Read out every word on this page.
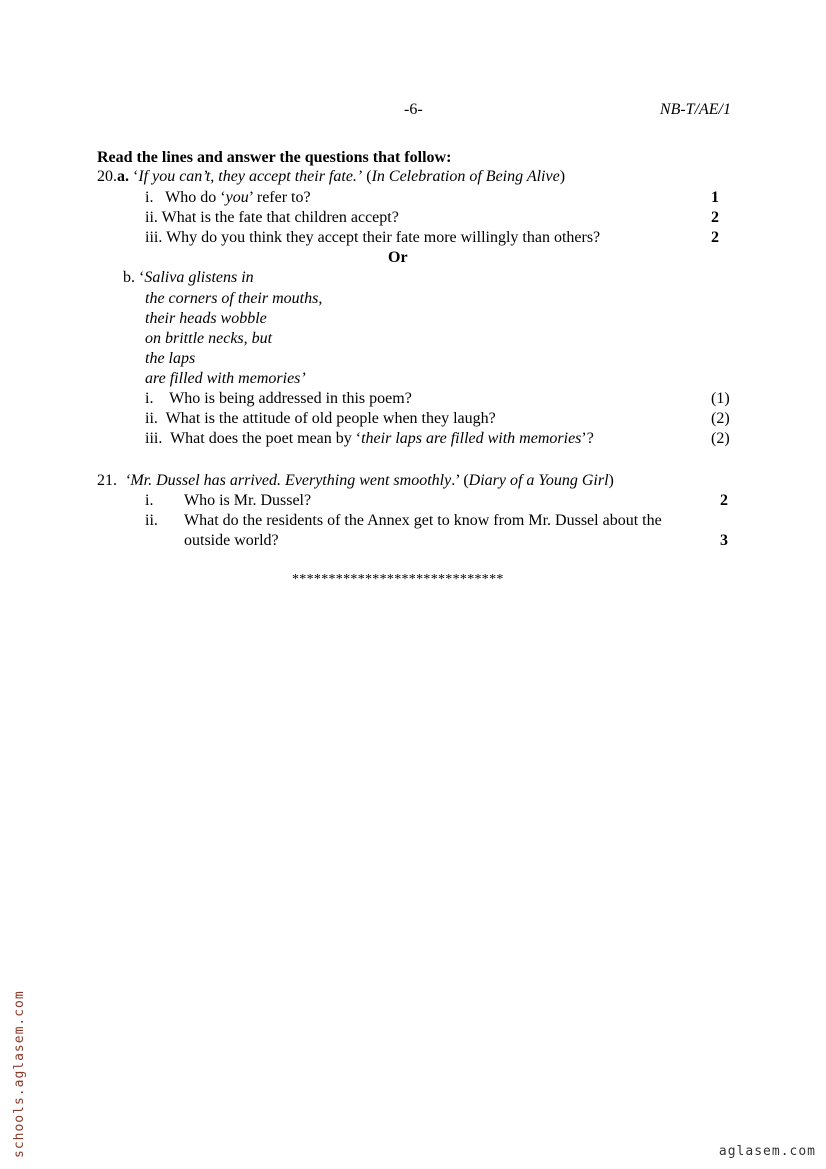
-6-	NB-T/AE/1
Read the lines and answer the questions that follow:
20.a. ‘If you can’t, they accept their fate.’ (In Celebration of Being Alive)
i. Who do ‘you’ refer to?	1
ii. What is the fate that children accept?	2
iii. Why do you think they accept their fate more willingly than others?	2
Or
b. ‘Saliva glistens in
the corners of their mouths,
their heads wobble
on brittle necks, but
the laps
are filled with memories’
i. Who is being addressed in this poem?	(1)
ii. What is the attitude of old people when they laugh?	(2)
iii. What does the poet mean by ‘their laps are filled with memories’?	(2)
21. ‘Mr. Dussel has arrived. Everything went smoothly.’ (Diary of a Young Girl)
i. Who is Mr. Dussel?	2
ii. What do the residents of the Annex get to know from Mr. Dussel about the
outside world?	3
*****************************
schools.aglasem.com	aglasem.com
